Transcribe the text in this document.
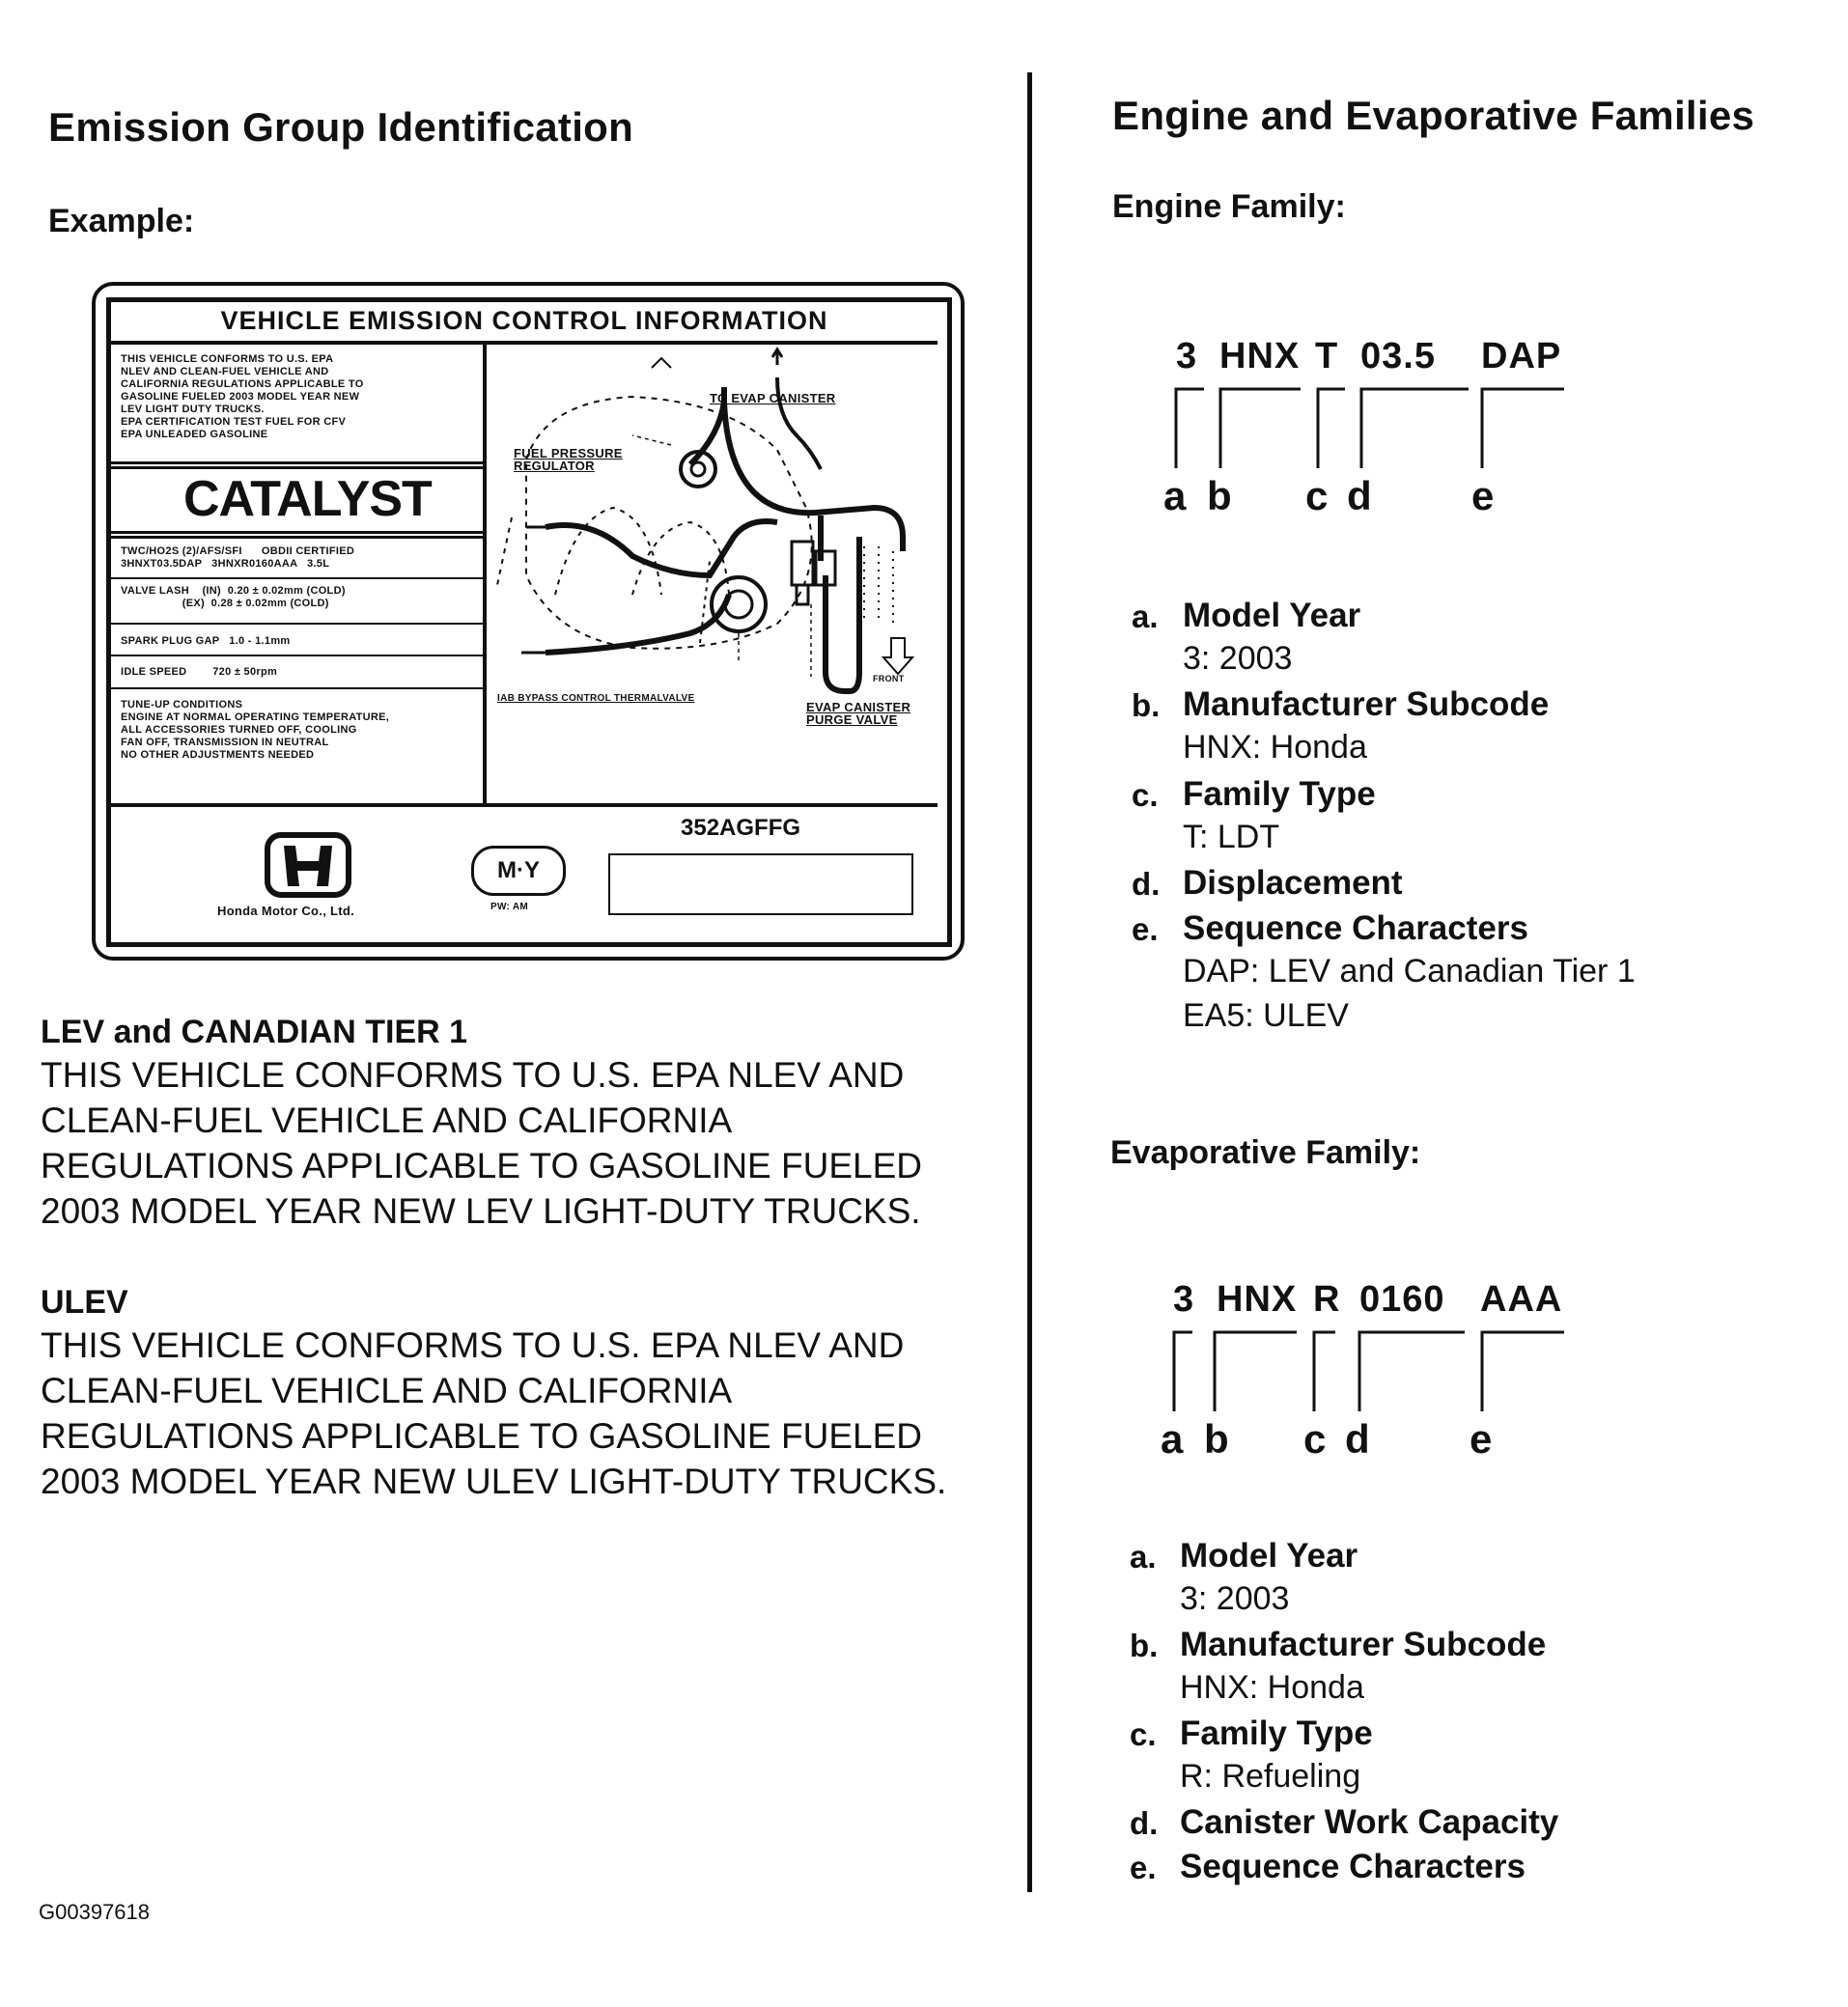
Emission Group Identification
Example:
VEHICLE EMISSION CONTROL INFORMATION
THIS VEHICLE CONFORMS TO U.S. EPA
NLEV AND CLEAN-FUEL VEHICLE AND
CALIFORNIA REGULATIONS APPLICABLE TO
GASOLINE FUELED 2003 MODEL YEAR NEW
LEV LIGHT DUTY TRUCKS.
EPA CERTIFICATION TEST FUEL FOR CFV
EPA UNLEADED GASOLINE
CATALYST
TWC/HO2S (2)/AFS/SFI      OBDII CERTIFIED
3HNXT03.5DAP   3HNXR0160AAA   3.5L
VALVE LASH    (IN)  0.20 ± 0.02mm (COLD)
(EX)  0.28 ± 0.02mm (COLD)
SPARK PLUG GAP   1.0 - 1.1mm
IDLE SPEED        720 ± 50rpm
TUNE-UP CONDITIONS
ENGINE AT NORMAL OPERATING TEMPERATURE,
ALL ACCESSORIES TURNED OFF, COOLING
FAN OFF, TRANSMISSION IN NEUTRAL
NO OTHER ADJUSTMENTS NEEDED
TO EVAP CANISTER
FUEL PRESSURE
REGULATOR
IAB BYPASS CONTROL THERMALVALVE
EVAP CANISTER
PURGE VALVE
FRONT
Honda Motor Co., Ltd.
M·Y
PW: AM
352AGFFG
LEV and CANADIAN TIER 1
THIS VEHICLE CONFORMS TO U.S. EPA NLEV AND
CLEAN-FUEL VEHICLE AND CALIFORNIA
REGULATIONS APPLICABLE TO GASOLINE FUELED
2003 MODEL YEAR NEW LEV LIGHT-DUTY TRUCKS.
ULEV
THIS VEHICLE CONFORMS TO U.S. EPA NLEV AND
CLEAN-FUEL VEHICLE AND CALIFORNIA
REGULATIONS APPLICABLE TO GASOLINE FUELED
2003 MODEL YEAR NEW ULEV LIGHT-DUTY TRUCKS.
Engine and Evaporative Families
Engine Family:
3 HNX T 03.5 DAP
a b c d e
a. Model Year
3: 2003
b. Manufacturer Subcode
HNX: Honda
c. Family Type
T: LDT
d. Displacement
e. Sequence Characters
DAP: LEV and Canadian Tier 1
EA5: ULEV
Evaporative Family:
3 HNX R 0160 AAA
a b c d e
a. Model Year
3: 2003
b. Manufacturer Subcode
HNX: Honda
c. Family Type
R: Refueling
d. Canister Work Capacity
e. Sequence Characters
G00397618
